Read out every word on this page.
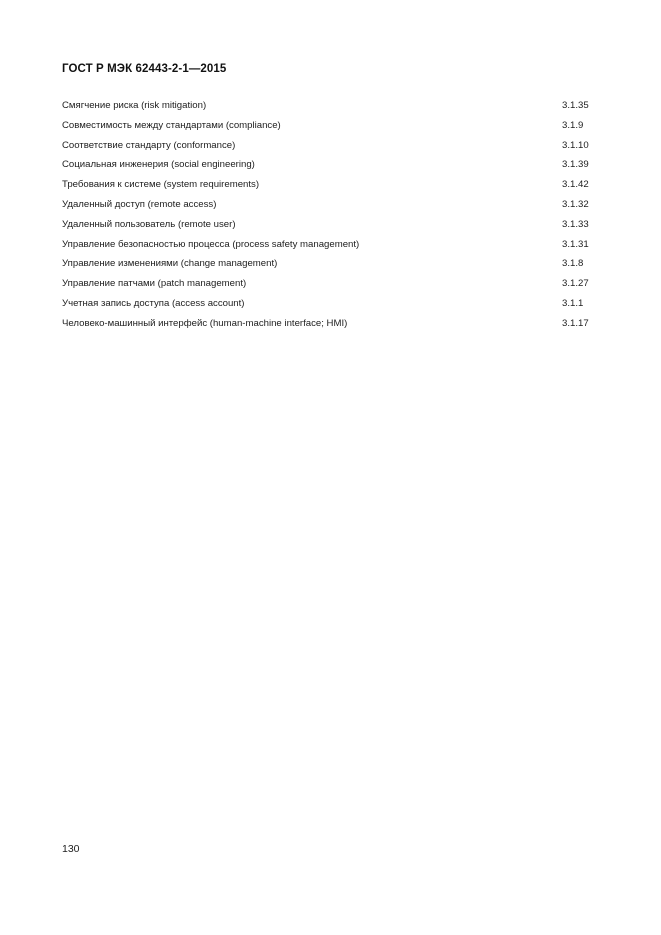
ГОСТ Р МЭК 62443-2-1—2015
Смягчение риска (risk mitigation)	3.1.35
Совместимость между стандартами (compliance)	3.1.9
Соответствие стандарту (conformance)	3.1.10
Социальная инженерия (social engineering)	3.1.39
Требования к системе (system requirements)	3.1.42
Удаленный доступ (remote access)	3.1.32
Удаленный пользователь (remote user)	3.1.33
Управление безопасностью процесса (process safety management)	3.1.31
Управление изменениями (change management)	3.1.8
Управление патчами (patch management)	3.1.27
Учетная запись доступа (access account)	3.1.1
Человеко-машинный интерфейс (human-machine interface; HMI)	3.1.17
130
